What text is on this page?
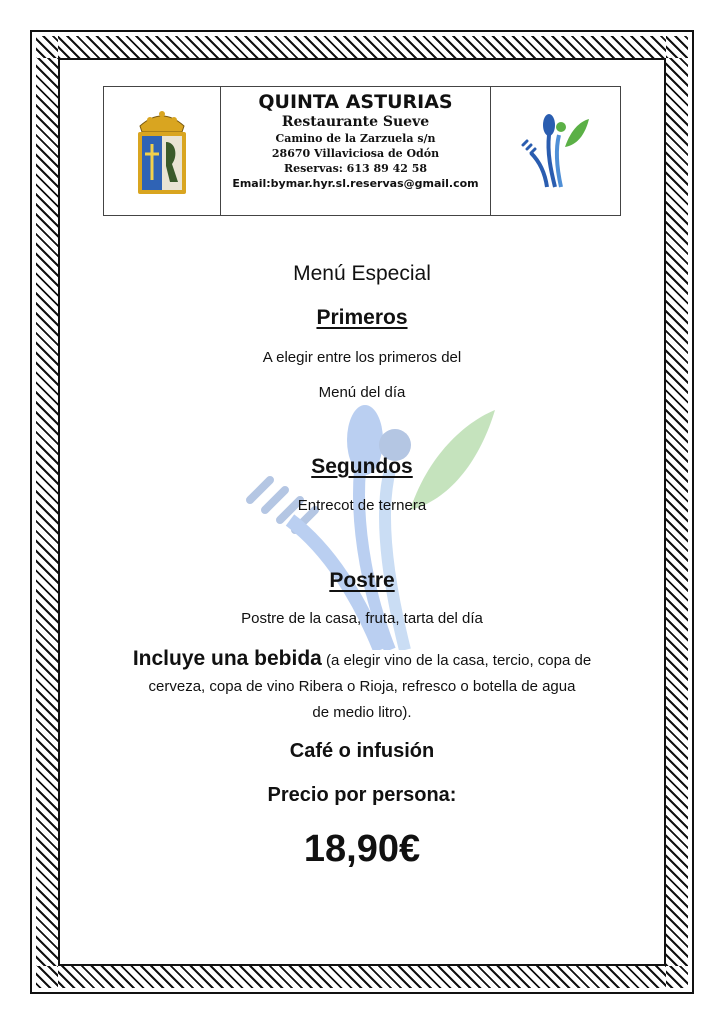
QUINTA ASTURIAS
Restaurante Sueve
Camino de la Zarzuela s/n
28670 Villaviciosa de Odón
Reservas: 613 89 42 58
Email:bymar.hyr.sl.reservas@gmail.com
Menú Especial
Primeros
A elegir entre los primeros del
Menú del día
Segundos
Entrecot de ternera
Postre
Postre de la casa, fruta, tarta del día
Incluye una bebida (a elegir vino de la casa, tercio, copa de
cerveza, copa de vino Ribera o Rioja, refresco o botella de agua
de medio litro).
Café o infusión
Precio por persona:
18,90€
